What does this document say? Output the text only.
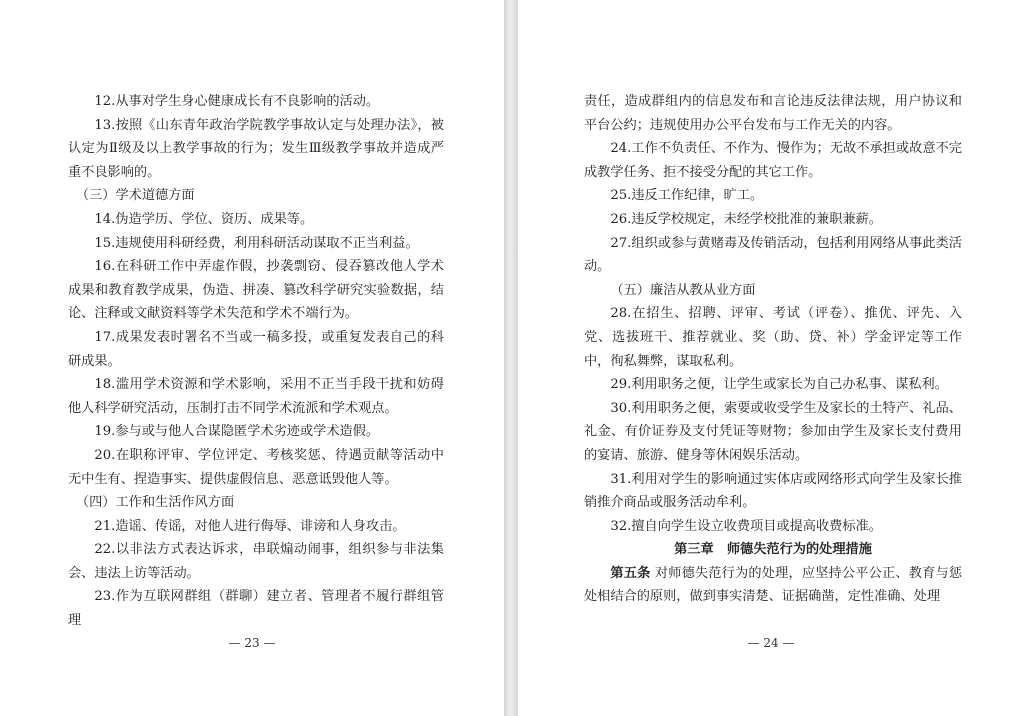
12.从事对学生身心健康成长有不良影响的活动。

13.按照《山东青年政治学院教学事故认定与处理办法》，被认定为Ⅱ级及以上教学事故的行为；发生Ⅲ级教学事故并造成严重不良影响的。

（三）学术道德方面

14.伪造学历、学位、资历、成果等。

15.违规使用科研经费，利用科研活动谋取不正当利益。

16.在科研工作中弄虚作假，抄袭剽窃、侵吞篡改他人学术成果和教育教学成果，伪造、拼凑、篡改科学研究实验数据，结论、注释或文献资料等学术失范和学术不端行为。

17.成果发表时署名不当或一稿多投，或重复发表自己的科研成果。

18.滥用学术资源和学术影响，采用不正当手段干扰和妨碍他人科学研究活动，压制打击不同学术流派和学术观点。

19.参与或与他人合谋隐匿学术劣迹或学术造假。

20.在职称评审、学位评定、考核奖惩、待遇贡献等活动中无中生有、捏造事实、提供虚假信息、恶意诋毁他人等。

（四）工作和生活作风方面

21.造谣、传谣，对他人进行侮辱、诽谤和人身攻击。

22.以非法方式表达诉求，串联煽动闹事，组织参与非法集会、违法上访等活动。

23.作为互联网群组（群聊）建立者、管理者不履行群组管理

— 23 —

责任，造成群组内的信息发布和言论违反法律法规，用户协议和平台公约；违规使用办公平台发布与工作无关的内容。

24.工作不负责任、不作为、慢作为；无故不承担或故意不完成教学任务、拒不接受分配的其它工作。

25.违反工作纪律，旷工。

26.违反学校规定，未经学校批准的兼职兼薪。

27.组织或参与黄赌毒及传销活动，包括利用网络从事此类活动。

（五）廉洁从教从业方面

28.在招生、招聘、评审、考试（评卷）、推优、评先、入党、选拔班干、推荐就业、奖（助、贷、补）学金评定等工作中，徇私舞弊，谋取私利。

29.利用职务之便，让学生或家长为自己办私事、谋私利。

30.利用职务之便，索要或收受学生及家长的土特产、礼品、礼金、有价证券及支付凭证等财物；参加由学生及家长支付费用的宴请、旅游、健身等休闲娱乐活动。

31.利用对学生的影响通过实体店或网络形式向学生及家长推销推介商品或服务活动牟利。

32.擅自向学生设立收费项目或提高收费标准。

第三章　师德失范行为的处理措施

第五条 对师德失范行为的处理，应坚持公平公正、教育与惩处相结合的原则，做到事实清楚、证据确凿，定性准确、处理

— 24 —
